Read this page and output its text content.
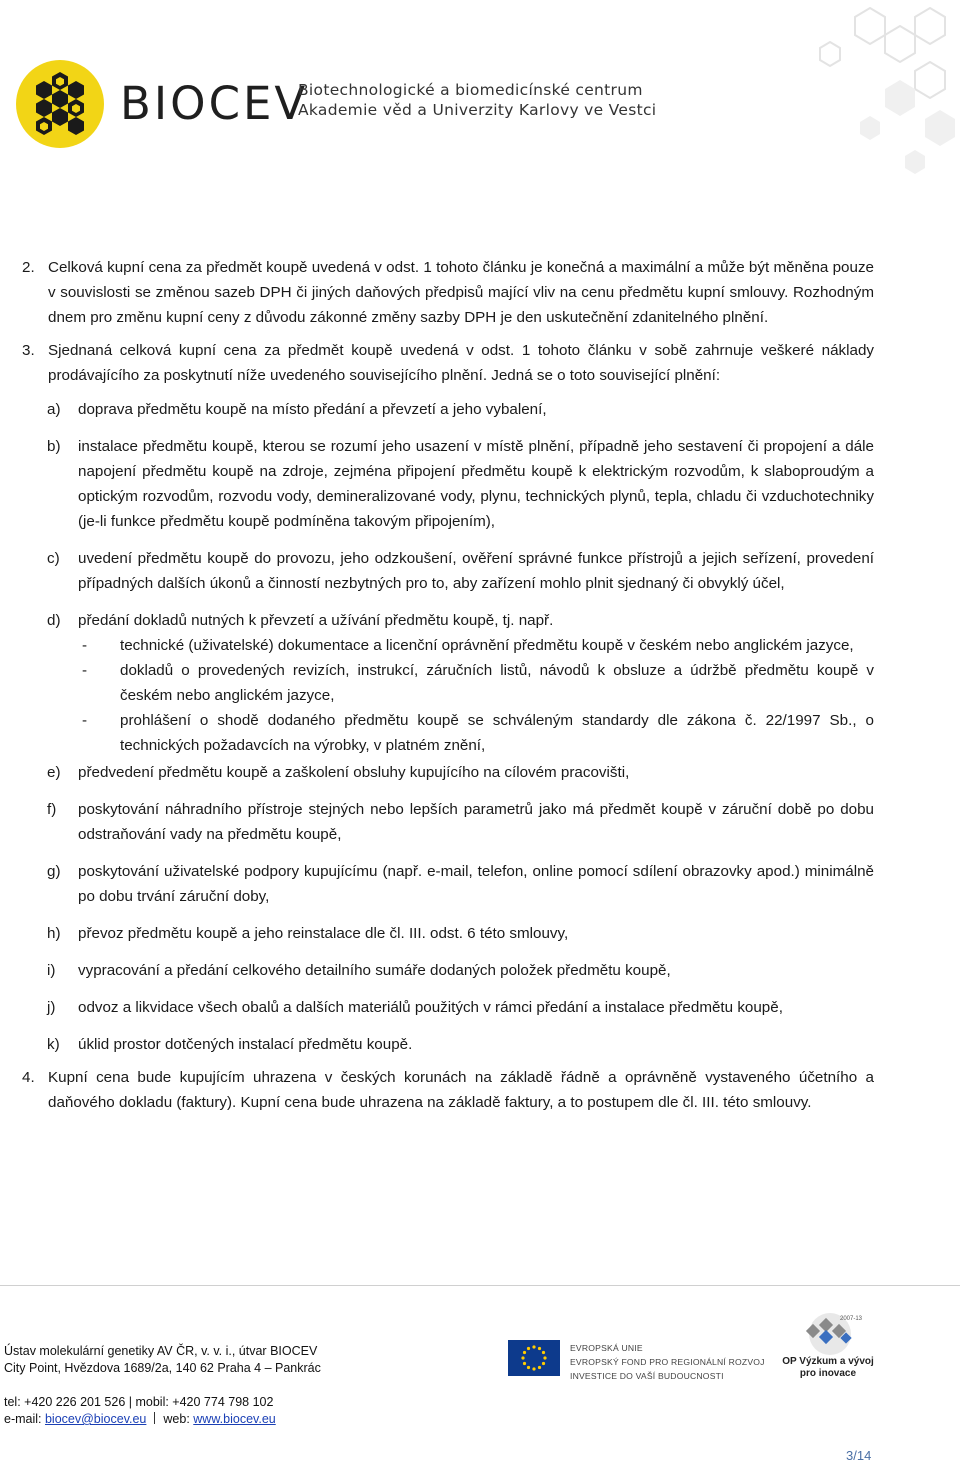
BIOCEV
Biotechnologické a biomedicínské centrum
Akademie věd a Univerzity Karlovy ve Vestci

2. Celková kupní cena za předmět koupě uvedená v odst. 1 tohoto článku je konečná a maximální a může být měněna pouze v souvislosti se změnou sazeb DPH či jiných daňových předpisů mající vliv na cenu předmětu kupní smlouvy. Rozhodným dnem pro změnu kupní ceny z důvodu zákonné změny sazby DPH je den uskutečnění zdanitelného plnění.

3. Sjednaná celková kupní cena za předmět koupě uvedená v odst. 1 tohoto článku v sobě zahrnuje veškeré náklady prodávajícího za poskytnutí níže uvedeného souvisejícího plnění. Jedná se o toto související plnění:

a) doprava předmětu koupě na místo předání a převzetí a jeho vybalení,
b) instalace předmětu koupě, kterou se rozumí jeho usazení v místě plnění, případně jeho sestavení či propojení a dále napojení předmětu koupě na zdroje, zejména připojení předmětu koupě k elektrickým rozvodům, k slaboproudým a optickým rozvodům, rozvodu vody, demineralizované vody, plynu, technických plynů, tepla, chladu či vzduchotechniky (je-li funkce předmětu koupě podmíněna takovým připojením),
c) uvedení předmětu koupě do provozu, jeho odzkoušení, ověření správné funkce přístrojů a jejich seřízení, provedení případných dalších úkonů a činností nezbytných pro to, aby zařízení mohlo plnit sjednaný či obvyklý účel,
d) předání dokladů nutných k převzetí a užívání předmětu koupě, tj. např.
- technické (uživatelské) dokumentace a licenční oprávnění předmětu koupě v českém nebo anglickém jazyce,
- dokladů o provedených revizích, instrukcí, záručních listů, návodů k obsluze a údržbě předmětu koupě v českém nebo anglickém jazyce,
- prohlášení o shodě dodaného předmětu koupě se schváleným standardy dle zákona č. 22/1997 Sb., o technických požadavcích na výrobky, v platném znění,
e) předvedení předmětu koupě a zaškolení obsluhy kupujícího na cílovém pracovišti,
f) poskytování náhradního přístroje stejných nebo lepších parametrů jako má předmět koupě v záruční době po dobu odstraňování vady na předmětu koupě,
g) poskytování uživatelské podpory kupujícímu (např. e-mail, telefon, online pomocí sdílení obrazovky apod.) minimálně po dobu trvání záruční doby,
h) převoz předmětu koupě a jeho reinstalace dle čl. III. odst. 6 této smlouvy,
i) vypracování a předání celkového detailního sumáře dodaných položek předmětu koupě,
j) odvoz a likvidace všech obalů a dalších materiálů použitých v rámci předání a instalace předmětu koupě,
k) úklid prostor dotčených instalací předmětu koupě.

4. Kupní cena bude kupujícím uhrazena v českých korunách na základě řádně a oprávněně vystaveného účetního a daňového dokladu (faktury). Kupní cena bude uhrazena na základě faktury, a to postupem dle čl. III. této smlouvy.

Ústav molekulární genetiky AV ČR, v. v. i., útvar BIOCEV
City Point, Hvězdova 1689/2a, 140 62 Praha 4 – Pankrác
tel: +420 226 201 526 | mobil: +420 774 798 102
e-mail: biocev@biocev.eu web: www.biocev.eu
EVROPSKÁ UNIE
EVROPSKÝ FOND PRO REGIONÁLNÍ ROZVOJ
INVESTICE DO VAŠÍ BUDOUCNOSTI
2007-13
OP Výzkum a vývoj
pro inovace
3/14
